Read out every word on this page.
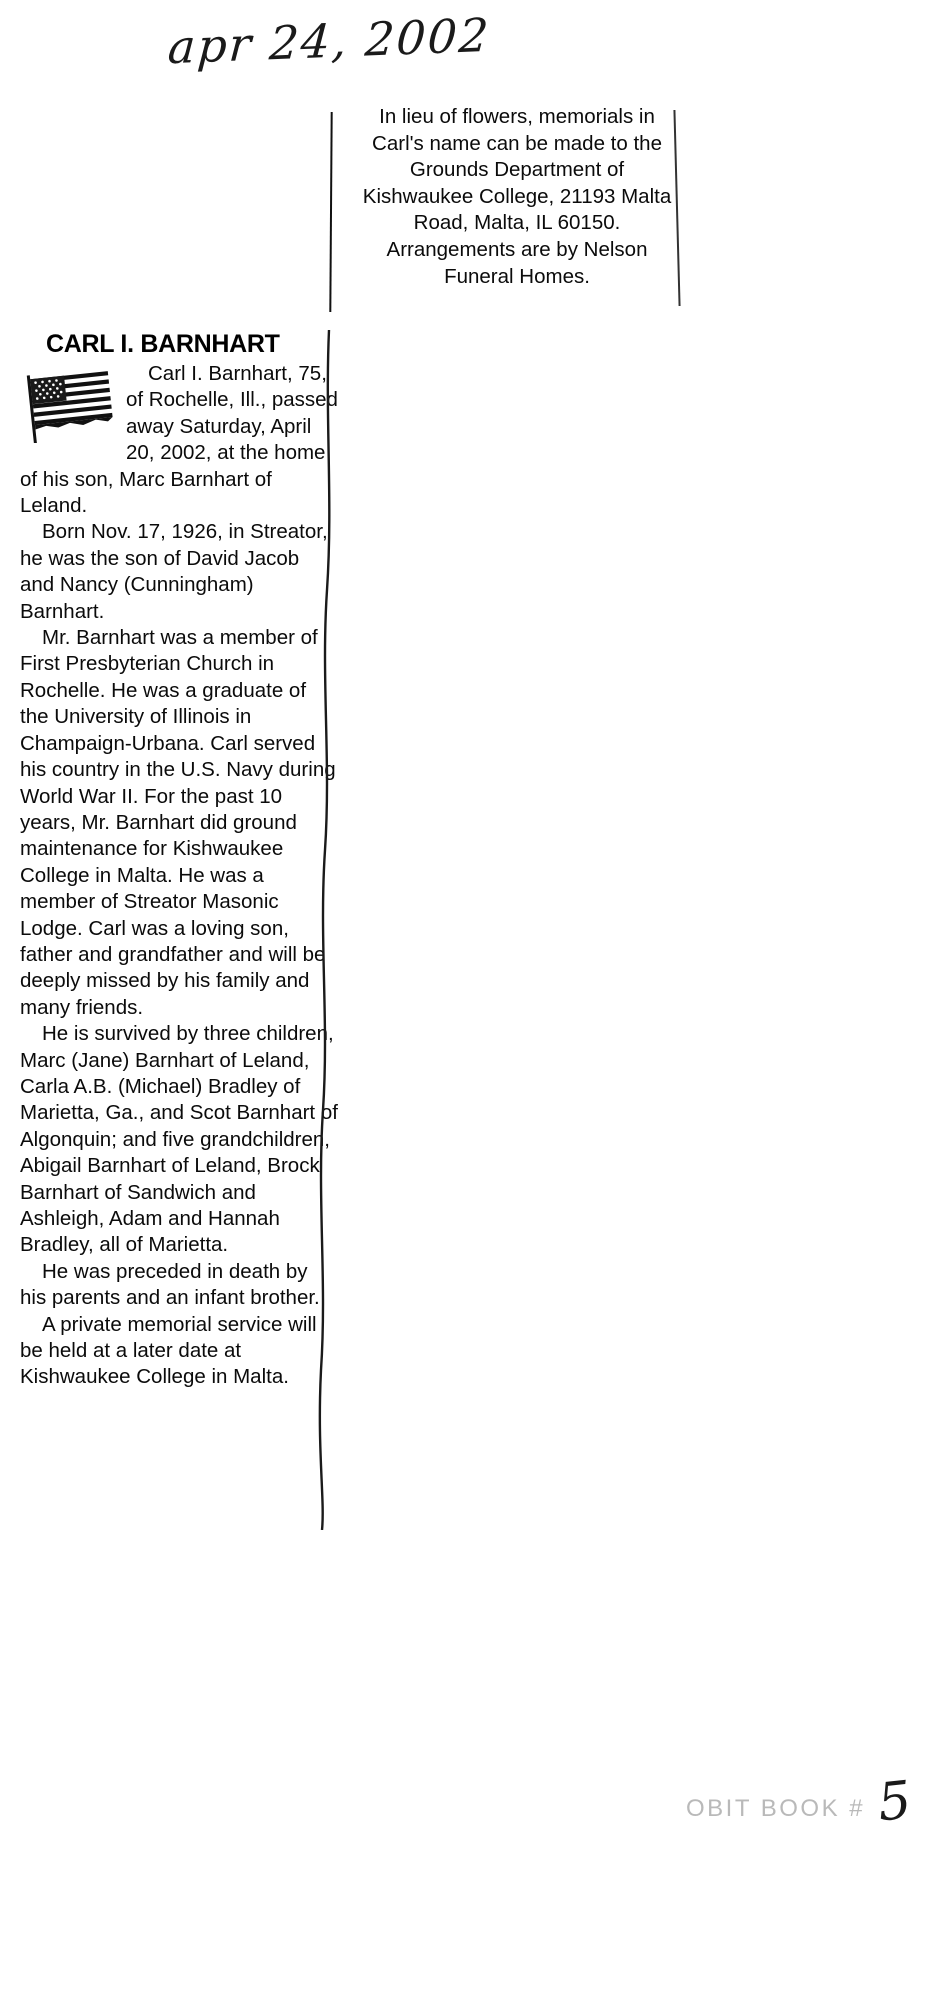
apr 24, 2002

In lieu of flowers, memorials in Carl's name can be made to the Grounds Department of Kishwaukee College, 21193 Malta Road, Malta, IL 60150.

Arrangements are by Nelson Funeral Homes.

CARL I. BARNHART

Carl I. Barnhart, 75, of Rochelle, Ill., passed away Saturday, April 20, 2002, at the home of his son, Marc Barnhart of Leland.

Born Nov. 17, 1926, in Streator, he was the son of David Jacob and Nancy (Cunningham) Barnhart.

Mr. Barnhart was a member of First Presbyterian Church in Rochelle. He was a graduate of the University of Illinois in Champaign-Urbana. Carl served his country in the U.S. Navy during World War II. For the past 10 years, Mr. Barnhart did ground maintenance for Kishwaukee College in Malta. He was a member of Streator Masonic Lodge. Carl was a loving son, father and grandfather and will be deeply missed by his family and many friends.

He is survived by three children, Marc (Jane) Barnhart of Leland, Carla A.B. (Michael) Bradley of Marietta, Ga., and Scot Barnhart of Algonquin; and five grandchildren, Abigail Barnhart of Leland, Brock Barnhart of Sandwich and Ashleigh, Adam and Hannah Bradley, all of Marietta.

He was preceded in death by his parents and an infant brother.

A private memorial service will be held at a later date at Kishwaukee College in Malta.

OBIT BOOK # 5
